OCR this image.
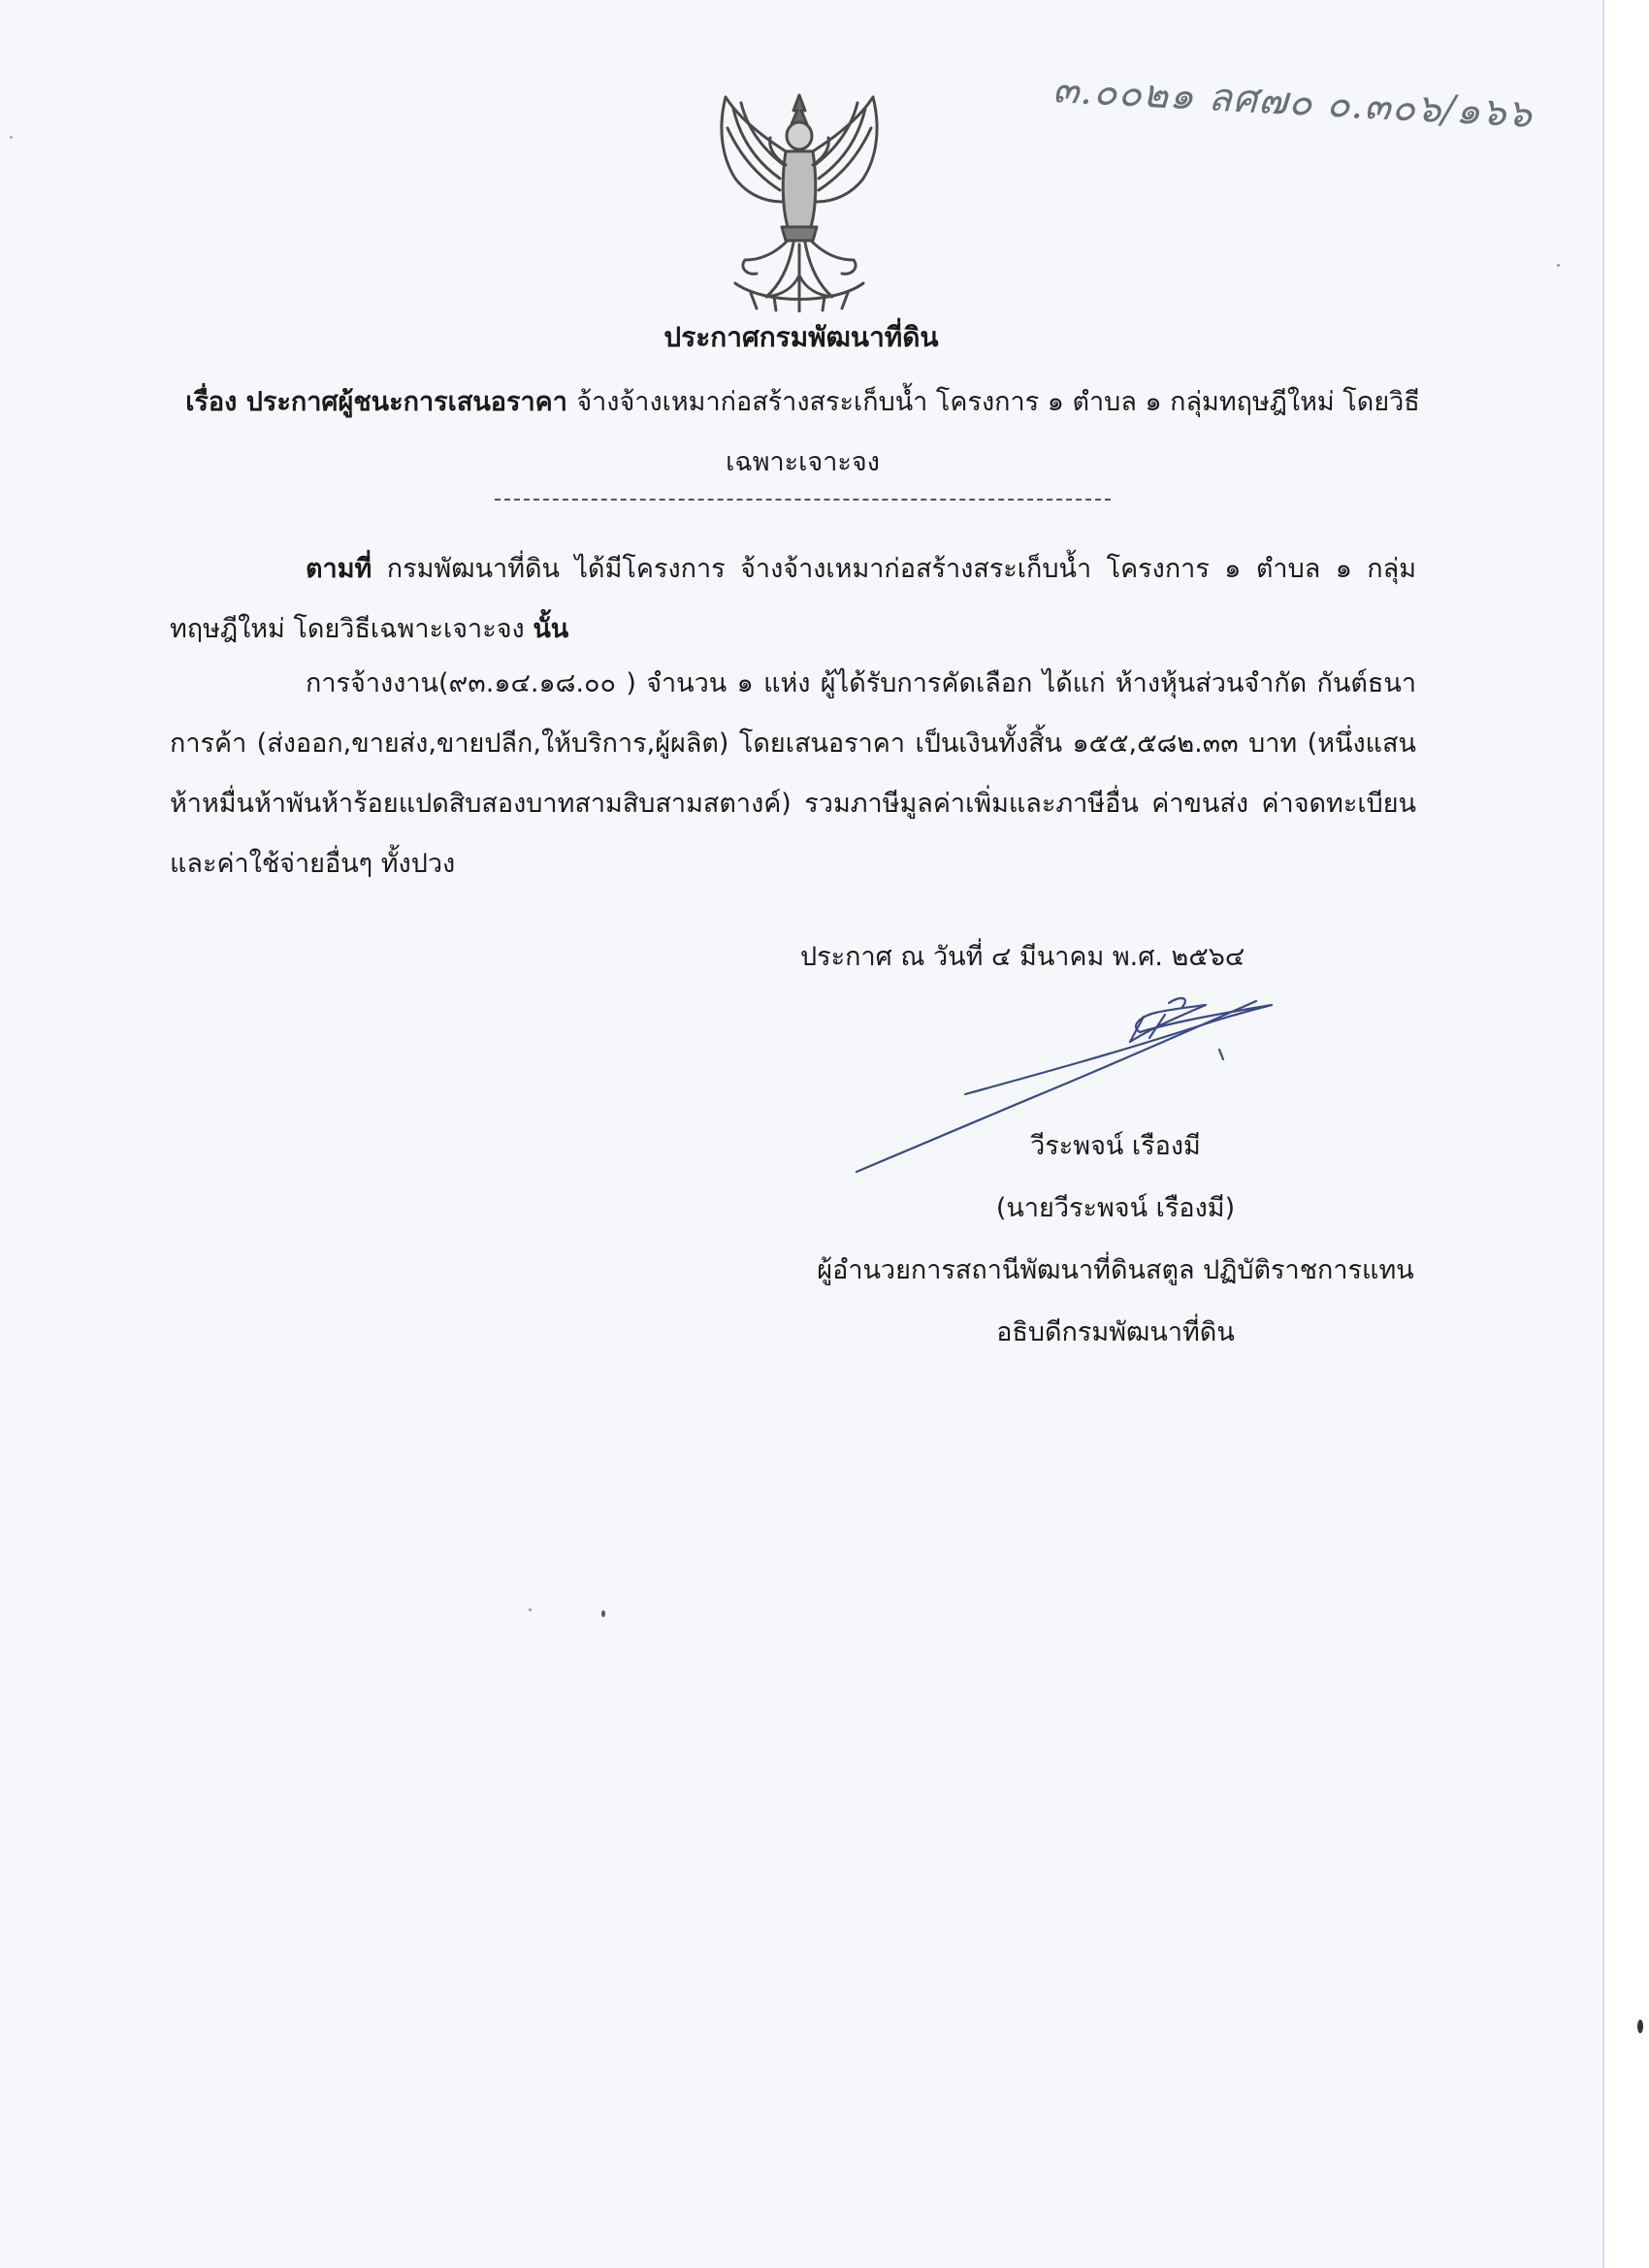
๓.๐๐๒๑ ลศ๗๐ ๐.๓๐๖/๑๖๖
ประกาศกรมพัฒนาที่ดิน
เรื่อง ประกาศผู้ชนะการเสนอราคา จ้างจ้างเหมาก่อสร้างสระเก็บน้ำ โครงการ ๑ ตำบล ๑ กลุ่มทฤษฎีใหม่ โดยวิธีเฉพาะเจาะจง
ตามที่ กรมพัฒนาที่ดิน ได้มีโครงการ จ้างจ้างเหมาก่อสร้างสระเก็บน้ำ โครงการ ๑ ตำบล ๑ กลุ่มทฤษฎีใหม่ โดยวิธีเฉพาะเจาะจง นั้น
การจ้างงาน(๙๓.๑๔.๑๘.๐๐ ) จำนวน ๑ แห่ง ผู้ได้รับการคัดเลือก ได้แก่ ห้างหุ้นส่วนจำกัด กันต์ธนาการค้า (ส่งออก,ขายส่ง,ขายปลีก,ให้บริการ,ผู้ผลิต) โดยเสนอราคา เป็นเงินทั้งสิ้น ๑๕๕,๕๘๒.๓๓ บาท (หนึ่งแสนห้าหมื่นห้าพันห้าร้อยแปดสิบสองบาทสามสิบสามสตางค์) รวมภาษีมูลค่าเพิ่มและภาษีอื่น ค่าขนส่ง ค่าจดทะเบียน และค่าใช้จ่ายอื่นๆ ทั้งปวง
ประกาศ ณ วันที่ ๔ มีนาคม พ.ศ. ๒๕๖๔
วีระพจน์ เรืองมี
(นายวีระพจน์ เรืองมี)
ผู้อำนวยการสถานีพัฒนาที่ดินสตูล ปฏิบัติราชการแทน
อธิบดีกรมพัฒนาที่ดิน
